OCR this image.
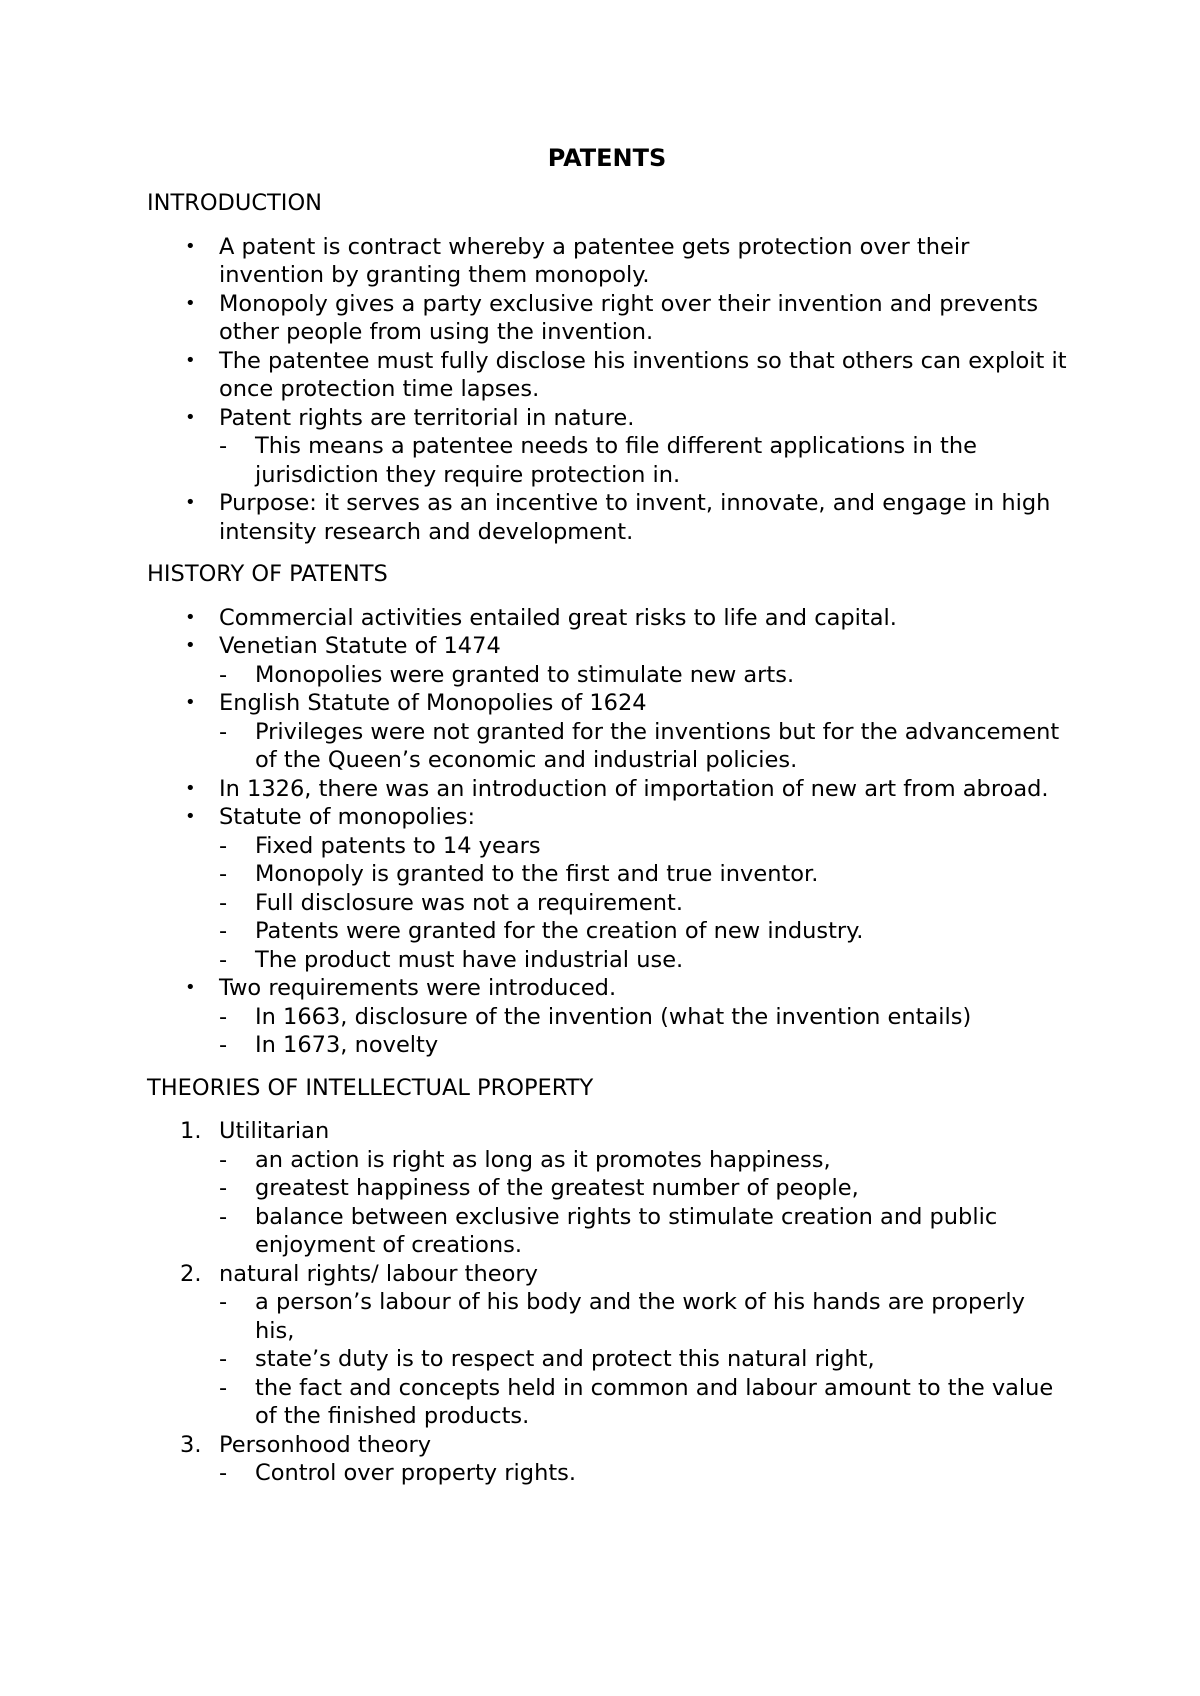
PATENTS
INTRODUCTION
•	A patent is contract whereby a patentee gets protection over their invention by granting them monopoly.
•	Monopoly gives a party exclusive right over their invention and prevents other people from using the invention.
•	The patentee must fully disclose his inventions so that others can exploit it once protection time lapses.
•	Patent rights are territorial in nature.
- This means a patentee needs to file different applications in the jurisdiction they require protection in.
•	Purpose: it serves as an incentive to invent, innovate, and engage in high intensity research and development.
HISTORY OF PATENTS
•	Commercial activities entailed great risks to life and capital.
•	Venetian Statute of 1474
- Monopolies were granted to stimulate new arts.
•	English Statute of Monopolies of 1624
- Privileges were not granted for the inventions but for the advancement of the Queen’s economic and industrial policies.
•	In 1326, there was an introduction of importation of new art from abroad.
•	Statute of monopolies:
- Fixed patents to 14 years
- Monopoly is granted to the first and true inventor.
- Full disclosure was not a requirement.
- Patents were granted for the creation of new industry.
- The product must have industrial use.
•	Two requirements were introduced.
- In 1663, disclosure of the invention (what the invention entails)
- In 1673, novelty
THEORIES OF INTELLECTUAL PROPERTY
1. Utilitarian
- an action is right as long as it promotes happiness,
- greatest happiness of the greatest number of people,
- balance between exclusive rights to stimulate creation and public enjoyment of creations.
2. natural rights/ labour theory
- a person’s labour of his body and the work of his hands are properly his,
- state’s duty is to respect and protect this natural right,
- the fact and concepts held in common and labour amount to the value of the finished products.
3. Personhood theory
- Control over property rights.
